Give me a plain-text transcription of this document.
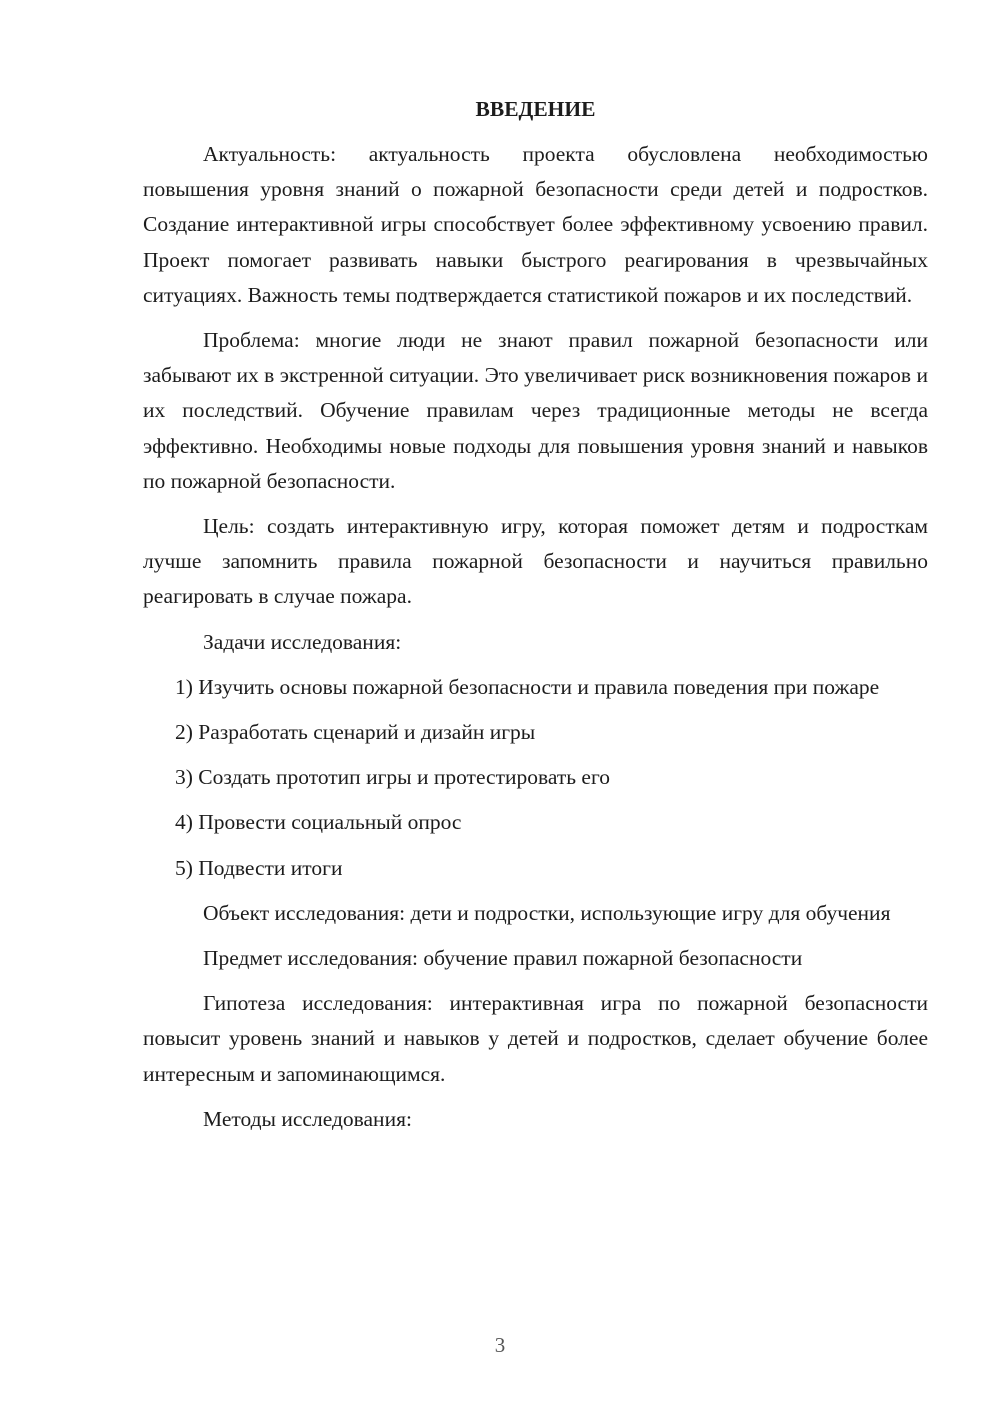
ВВЕДЕНИЕ

Актуальность: актуальность проекта обусловлена необходимостью повышения уровня знаний о пожарной безопасности среди детей и подростков. Создание интерактивной игры способствует более эффективному усвоению правил. Проект помогает развивать навыки быстрого реагирования в чрезвычайных ситуациях. Важность темы подтверждается статистикой пожаров и их последствий.

Проблема: многие люди не знают правил пожарной безопасности или забывают их в экстренной ситуации. Это увеличивает риск возникновения пожаров и их последствий. Обучение правилам через традиционные методы не всегда эффективно. Необходимы новые подходы для повышения уровня знаний и навыков по пожарной безопасности.

Цель: создать интерактивную игру, которая поможет детям и подросткам лучше запомнить правила пожарной безопасности и научиться правильно реагировать в случае пожара.

Задачи исследования:

1) Изучить основы пожарной безопасности и правила поведения при пожаре

2) Разработать сценарий и дизайн игры

3) Создать прототип игры и протестировать его

4) Провести социальный опрос

5) Подвести итоги

Объект исследования: дети и подростки, использующие игру для обучения

Предмет исследования: обучение правил пожарной безопасности

Гипотеза исследования: интерактивная игра по пожарной безопасности повысит уровень знаний и навыков у детей и подростков, сделает обучение более интересным и запоминающимся.

Методы исследования:

3
